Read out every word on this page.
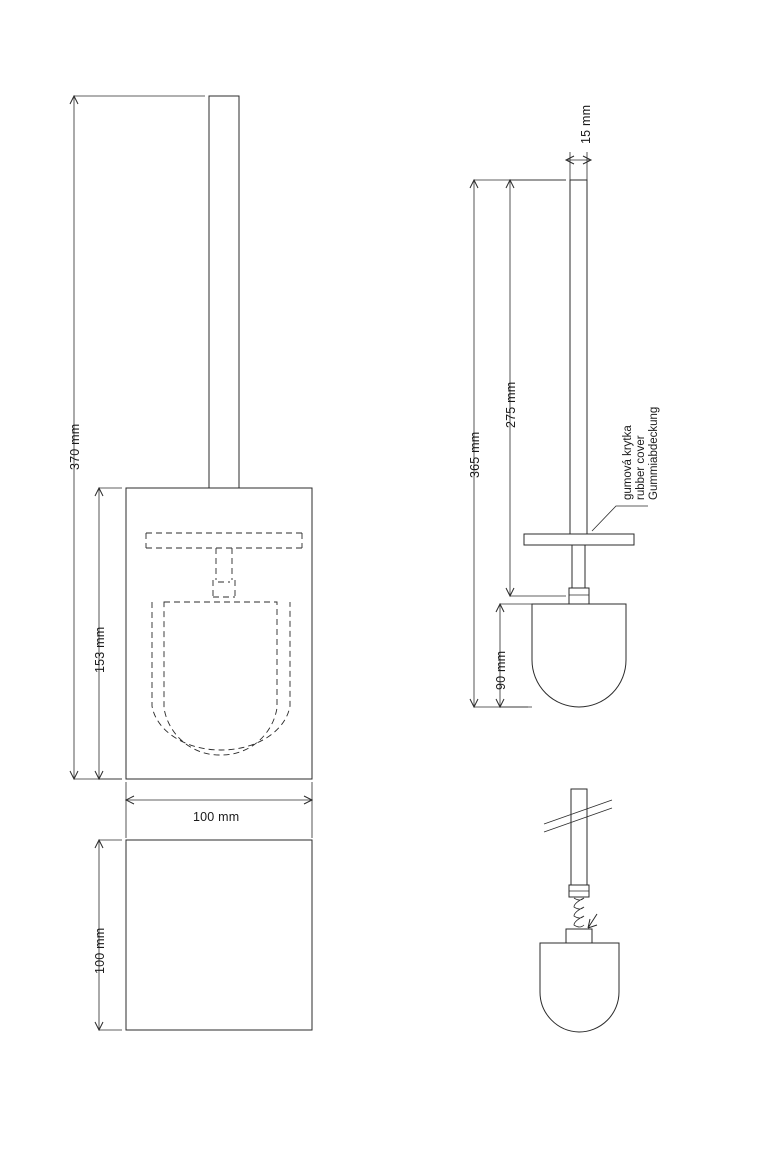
370 mm
153 mm
100 mm
100 mm
15 mm
365 mm
275 mm
90 mm
gumová krytka rubber cover Gummiabdeckung
